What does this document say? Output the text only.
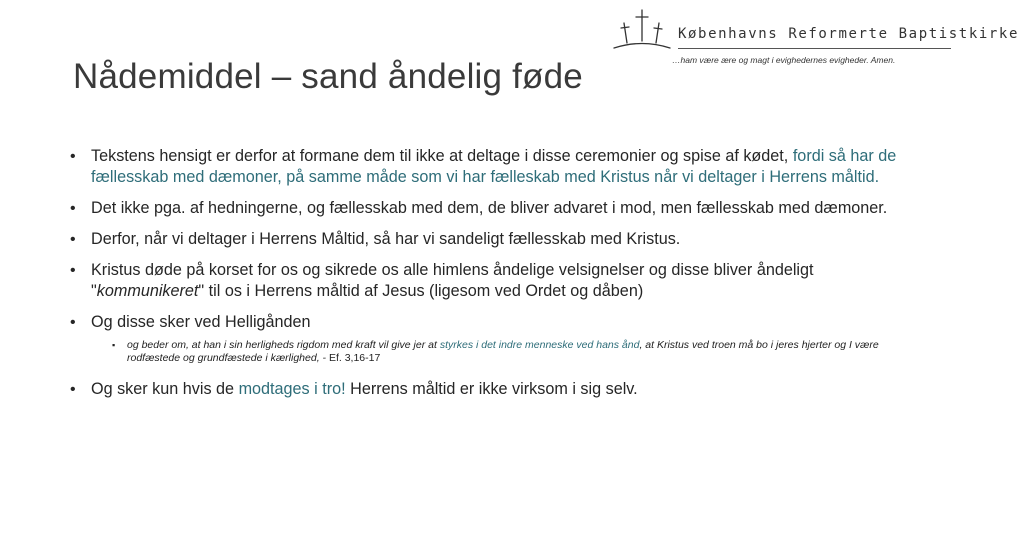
Nådemiddel – sand åndelig føde
Københavns Reformerte Baptistkirke
…ham være ære og magt i evighedernes evigheder. Amen.
• Tekstens hensigt er derfor at formane dem til ikke at deltage i disse ceremonier og spise af kødet, fordi så har de fællesskab med dæmoner, på samme måde som vi har fælleskab med Kristus når vi deltager i Herrens måltid.
• Det ikke pga. af hedningerne, og fællesskab med dem, de bliver advaret i mod, men fællesskab med dæmoner.
• Derfor, når vi deltager i Herrens Måltid, så har vi sandeligt fællesskab med Kristus.
• Kristus døde på korset for os og sikrede os alle himlens åndelige velsignelser og disse bliver åndeligt "kommunikeret" til os i Herrens måltid af Jesus (ligesom ved Ordet og dåben)
• Og disse sker ved Helligånden
▪ og beder om, at han i sin herligheds rigdom med kraft vil give jer at styrkes i det indre menneske ved hans ånd, at Kristus ved troen må bo i jeres hjerter og I være rodfæstede og grundfæstede i kærlighed, - Ef. 3,16-17
• Og sker kun hvis de modtages i tro! Herrens måltid er ikke virksom i sig selv.
